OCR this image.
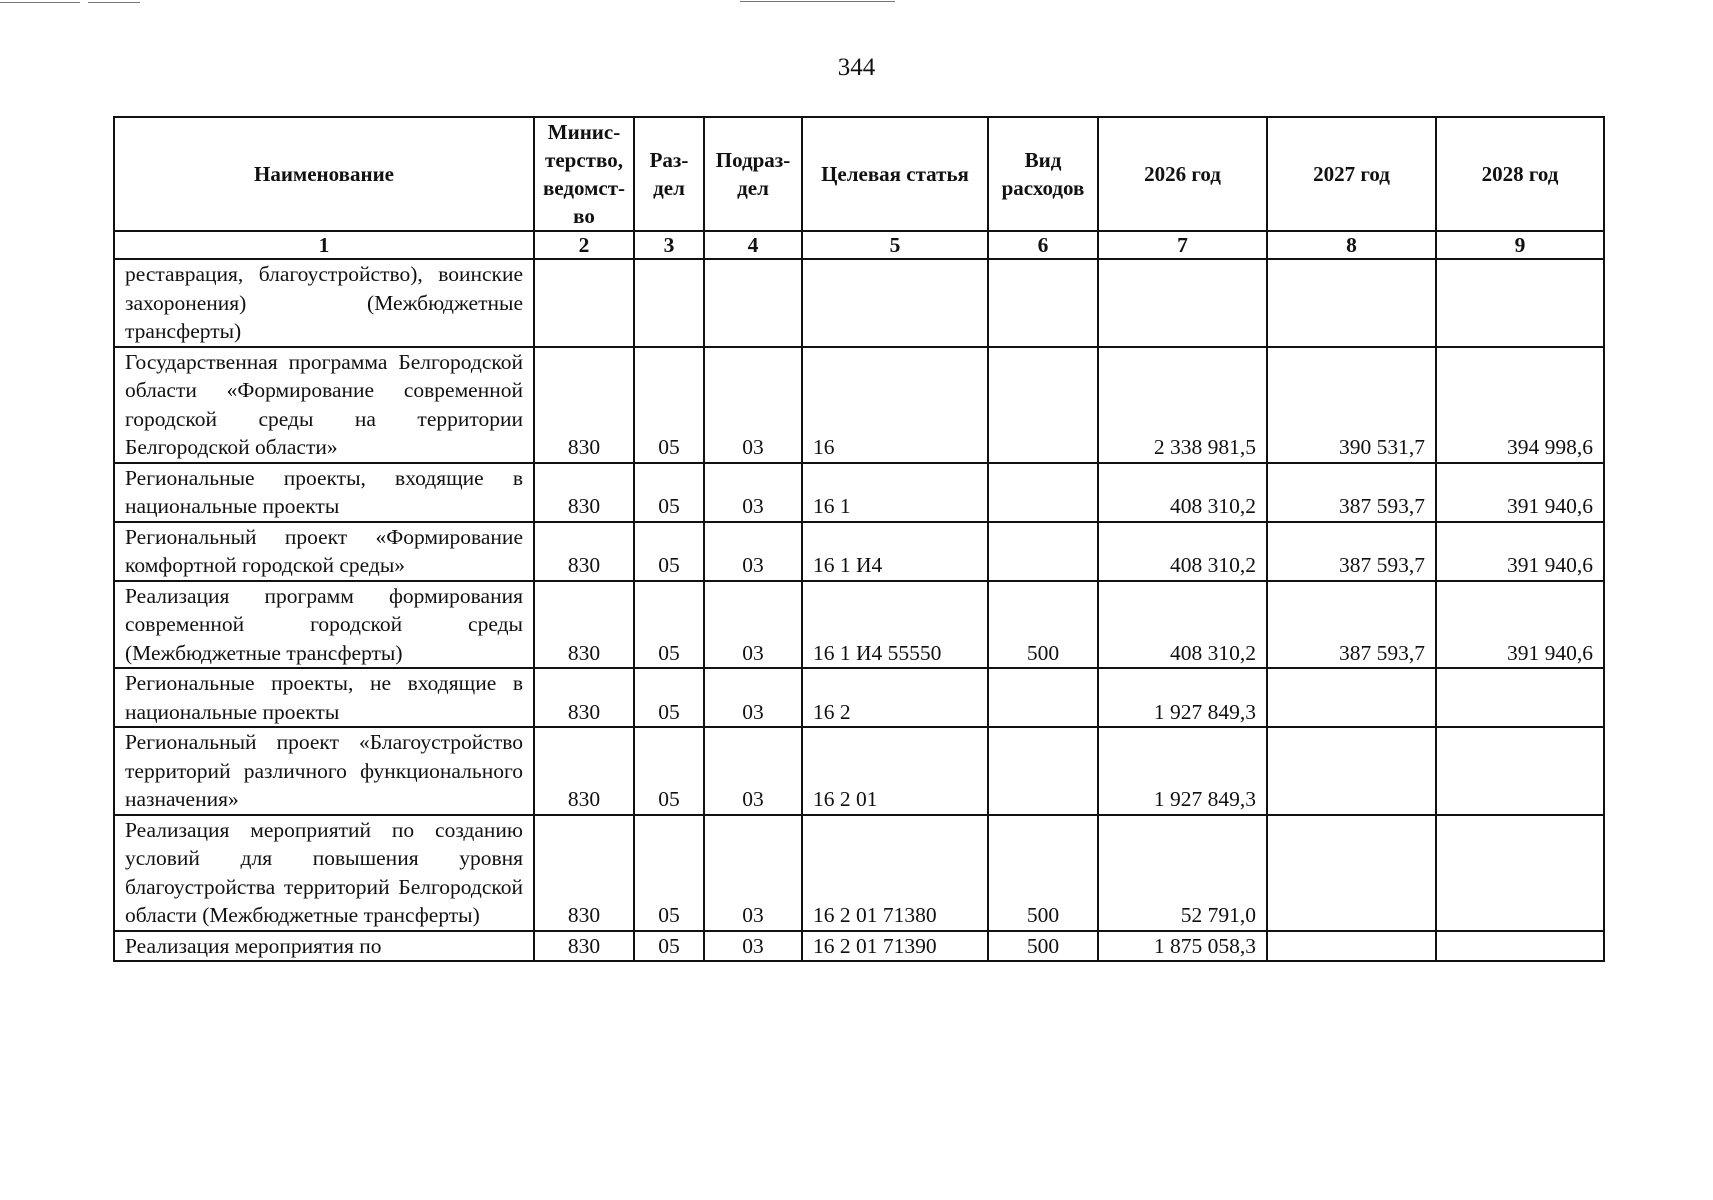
344
Наименование	Минис-терство, ведомст-во	Раз-дел	Подраз-дел	Целевая статья	Вид расходов	2026 год	2027 год	2028 год
1	2	3	4	5	6	7	8	9
реставрация, благоустройство), воинские захоронения) (Межбюджетные трансферты)								
Государственная программа Белгородской области «Формирование современной городской среды на территории Белгородской области»	830	05	03	16		2 338 981,5	390 531,7	394 998,6
Региональные проекты, входящие в национальные проекты	830	05	03	16 1		408 310,2	387 593,7	391 940,6
Региональный проект «Формирование комфортной городской среды»	830	05	03	16 1 И4		408 310,2	387 593,7	391 940,6
Реализация программ формирования современной городской среды (Межбюджетные трансферты)	830	05	03	16 1 И4 55550	500	408 310,2	387 593,7	391 940,6
Региональные проекты, не входящие в национальные проекты	830	05	03	16 2		1 927 849,3		
Региональный проект «Благоустройство территорий различного функционального назначения»	830	05	03	16 2 01		1 927 849,3		
Реализация мероприятий по созданию условий для повышения уровня благоустройства территорий Белгородской области (Межбюджетные трансферты)	830	05	03	16 2 01 71380	500	52 791,0		
Реализация мероприятия по	830	05	03	16 2 01 71390	500	1 875 058,3		
